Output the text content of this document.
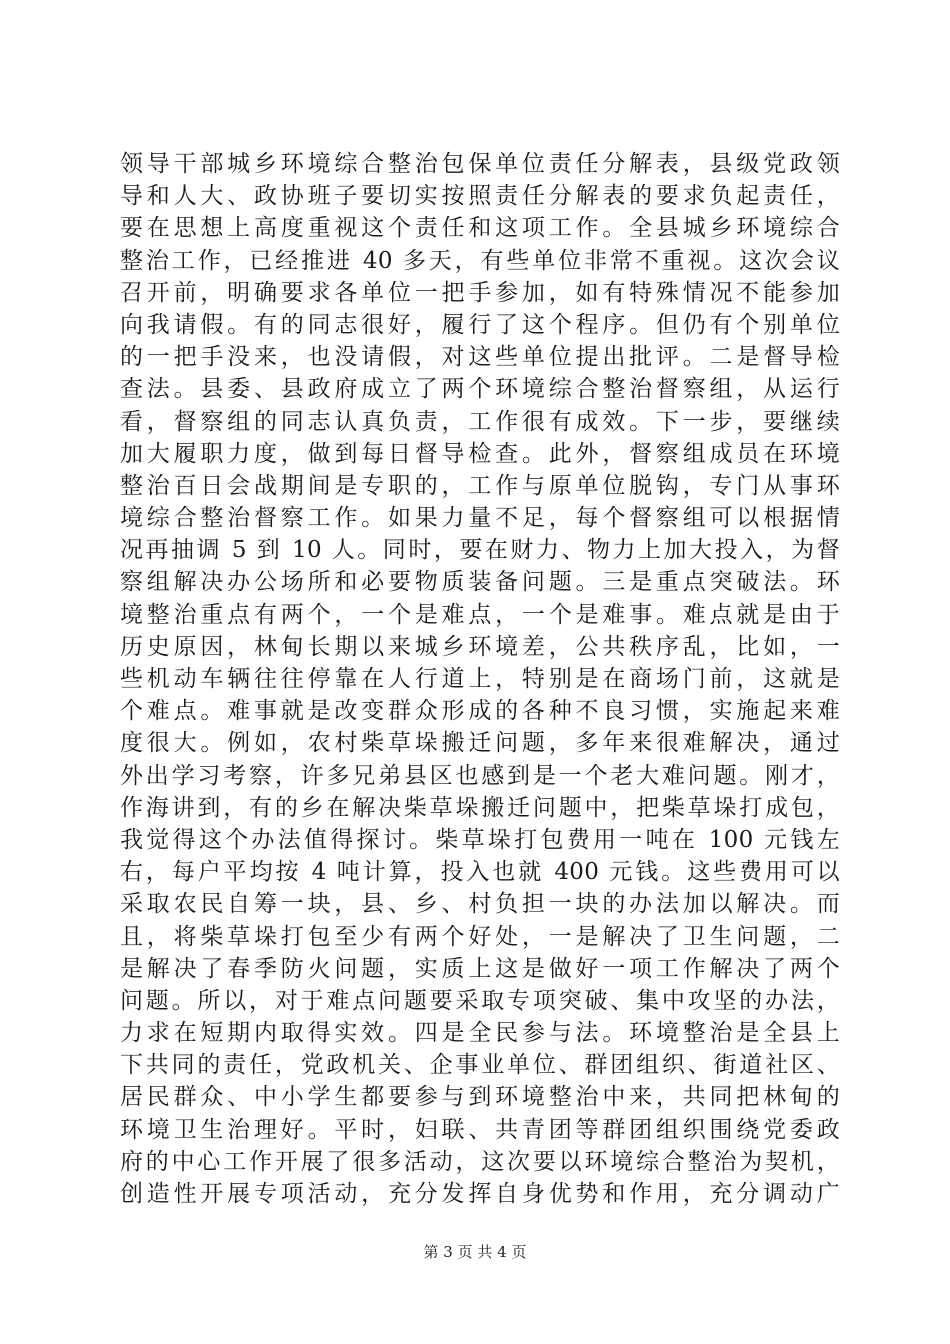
领导干部城乡环境综合整治包保单位责任分解表，县级党政领
导和人大、政协班子要切实按照责任分解表的要求负起责任，
要在思想上高度重视这个责任和这项工作。全县城乡环境综合
整治工作，已经推进 40 多天，有些单位非常不重视。这次会议
召开前，明确要求各单位一把手参加，如有特殊情况不能参加
向我请假。有的同志很好，履行了这个程序。但仍有个别单位
的一把手没来，也没请假，对这些单位提出批评。二是督导检
查法。县委、县政府成立了两个环境综合整治督察组，从运行
看，督察组的同志认真负责，工作很有成效。下一步，要继续
加大履职力度，做到每日督导检查。此外，督察组成员在环境
整治百日会战期间是专职的，工作与原单位脱钩，专门从事环
境综合整治督察工作。如果力量不足，每个督察组可以根据情
况再抽调 5 到 10 人。同时，要在财力、物力上加大投入，为督
察组解决办公场所和必要物质装备问题。三是重点突破法。环
境整治重点有两个，一个是难点，一个是难事。难点就是由于
历史原因，林甸长期以来城乡环境差，公共秩序乱，比如，一
些机动车辆往往停靠在人行道上，特别是在商场门前，这就是
个难点。难事就是改变群众形成的各种不良习惯，实施起来难
度很大。例如，农村柴草垛搬迁问题，多年来很难解决，通过
外出学习考察，许多兄弟县区也感到是一个老大难问题。刚才，
作海讲到，有的乡在解决柴草垛搬迁问题中，把柴草垛打成包，
我觉得这个办法值得探讨。柴草垛打包费用一吨在 100 元钱左
右，每户平均按 4 吨计算，投入也就 400 元钱。这些费用可以
采取农民自筹一块，县、乡、村负担一块的办法加以解决。而
且，将柴草垛打包至少有两个好处，一是解决了卫生问题，二
是解决了春季防火问题，实质上这是做好一项工作解决了两个
问题。所以，对于难点问题要采取专项突破、集中攻坚的办法，
力求在短期内取得实效。四是全民参与法。环境整治是全县上
下共同的责任，党政机关、企事业单位、群团组织、街道社区、
居民群众、中小学生都要参与到环境整治中来，共同把林甸的
环境卫生治理好。平时，妇联、共青团等群团组织围绕党委政
府的中心工作开展了很多活动，这次要以环境综合整治为契机，
创造性开展专项活动，充分发挥自身优势和作用，充分调动广
第 3 页 共 4 页
